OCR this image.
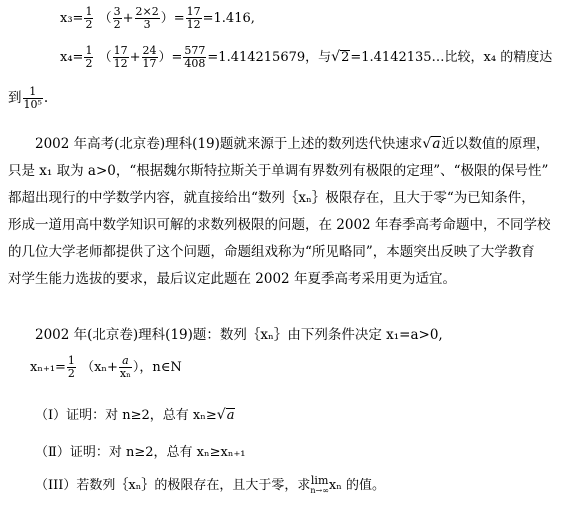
$x_3= \frac{1}{2}$ （ $\frac{3}{2} + \frac{2\times 2}{3}$ ）= $\frac{17}{12} =1.416$,
$x_4= \frac{1}{2}$ （ $\frac{17}{12} + \frac{24}{17}$ ）= $\frac{577}{408} =1.414215679$，与√2=1.4142135…比较，x₄ 的精度达
到 $\frac{1}{\text{10⁵}}$ .
2002 年高考(北京卷)理科(19)题就来源于上述的数列迭代快速求√a近以数值的原理，
只是 x₁ 取为 a>0，“根据魏尔斯特拉斯关于单调有界数列有极限的定理”、“极限的保号性”
都超出现行的中学数学内容，就直接给出“数列｛xₙ｝极限存在，且大于零“为已知条件，
形成一道用高中数学知识可解的求数列极限的问题，在 2002 年春季高考命题中，不同学校
的几位大学老师都提供了这个问题，命题组戏称为“所见略同”，本题突出反映了大学教育
对学生能力选拔的要求，最后议定此题在 2002 年夏季高考采用更为适宜。
2002 年(北京卷)理科(19)题：数列｛xₙ｝由下列条件决定 x₁=a>0,
$x_{n+1}= \frac{1}{2} (x_n+ \frac{a}{\text{xₙ}}$ ），n∈N
（Ⅰ）证明：对 n≥2，总有 xₙ≥√a
（Ⅱ）证明：对 n≥2，总有 xₙ≥xₙ₊₁
（III）若数列｛xₙ｝的极限存在，且大于零，求lim
n→∞ xₙ 的值。
